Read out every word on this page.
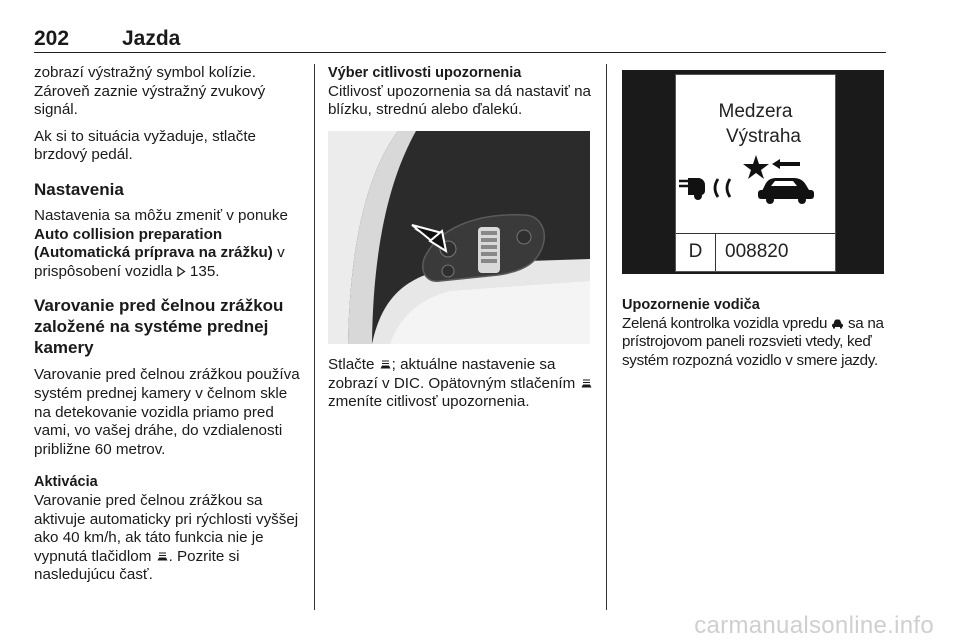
202	Jazda

zobrazí výstražný symbol kolízie. Zároveň zaznie výstražný zvukový signál.

Ak si to situácia vyžaduje, stlačte brzdový pedál.

Nastavenia

Nastavenia sa môžu zmeniť v ponuke Auto collision preparation (Automatická príprava na zrážku) v prispôsobení vozidla  135.

Varovanie pred čelnou zrážkou založené na systéme prednej kamery

Varovanie pred čelnou zrážkou používa systém prednej kamery v čelnom skle na detekovanie vozidla priamo pred vami, vo vašej dráhe, do vzdialenosti približne 60 metrov.

Aktivácia

Varovanie pred čelnou zrážkou sa aktivuje automaticky pri rýchlosti vyššej ako 40 km/h, ak táto funkcia nie je vypnutá tlačidlom . Pozrite si nasledujúcu časť.

Výber citlivosti upozornenia

Citlivosť upozornenia sa dá nastaviť na blízku, strednú alebo ďalekú.

Stlačte ; aktuálne nastavenie sa zobrazí v DIC. Opätovným stlačením  zmeníte citlivosť upozornenia.

Medzera
Výstraha
D	008820
Upozornenie vodiča

Zelená kontrolka vozidla vpredu  sa na prístrojovom paneli rozsvieti vtedy, keď systém rozpozná vozidlo v smere jazdy.

carmanualsonline.info
